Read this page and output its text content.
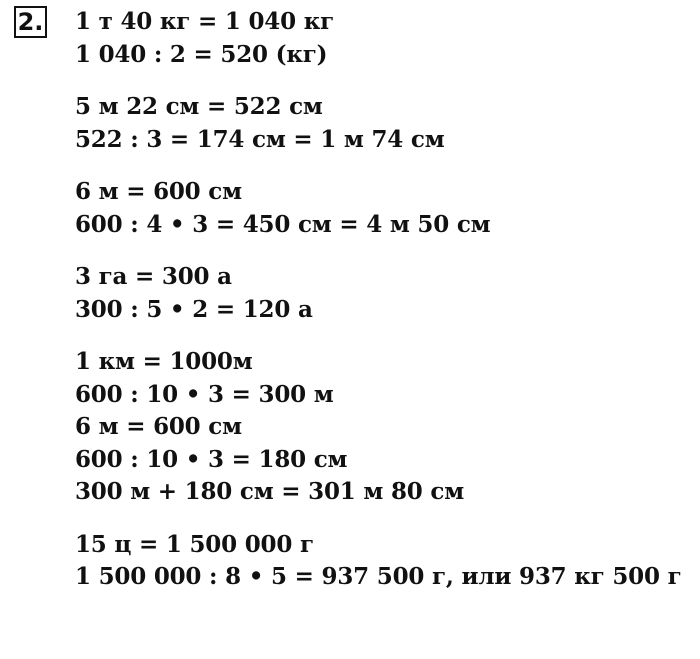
2. 1 т 40 кг = 1 040 кг
1 040 : 2 = 520 (кг)
5 м 22 см = 522 см
522 : 3 = 174 см = 1 м 74 см
6 м = 600 см
600 : 4 • 3 = 450 см = 4 м 50 см
3 га = 300 а
300 : 5 • 2 = 120 а
1 км = 1000м
600 : 10 • 3 = 300 м
6 м = 600 см
600 : 10 • 3 = 180 см
300 м + 180 см = 301 м 80 см
15 ц = 1 500 000 г
1 500 000 : 8 • 5 = 937 500 г, или 937 кг 500 г
